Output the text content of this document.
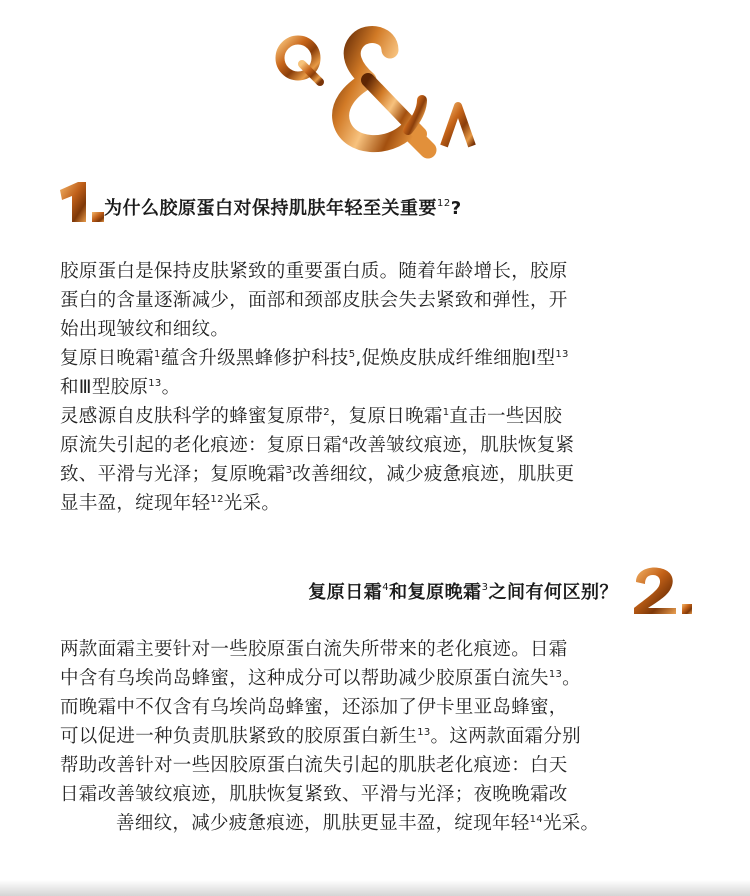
为什么胶原蛋白对保持肌肤年轻至关重要$^{12}$?
胶原蛋白是保持皮肤紧致的重要蛋白质。随着年龄增长，胶原
蛋白的含量逐渐减少，面部和颈部皮肤会失去紧致和弹性，开
始出现皱纹和细纹。
复原日晚霜$^1$蕴含升级黑蜂修护科技$^5$,促焕皮肤成纤维细胞Ⅰ型$^{13}$
和Ⅲ型胶原$^{13}$。
灵感源自皮肤科学的蜂蜜复原带$^2$，复原日晚霜$^1$直击一些因胶
原流失引起的老化痕迹：复原日霜$^4$改善皱纹痕迹，肌肤恢复紧
致、平滑与光泽；复原晚霜$^3$改善细纹，减少疲惫痕迹，肌肤更
显丰盈，绽现年轻$^{12}$光采。
复原日霜$^4$和复原晚霜$^3$之间有何区别？
两款面霜主要针对一些胶原蛋白流失所带来的老化痕迹。日霜
中含有乌埃尚岛蜂蜜，这种成分可以帮助减少胶原蛋白流失$^{13}$。
而晚霜中不仅含有乌埃尚岛蜂蜜，还添加了伊卡里亚岛蜂蜜，
可以促进一种负责肌肤紧致的胶原蛋白新生$^{13}$。这两款面霜分别
帮助改善针对一些因胶原蛋白流失引起的肌肤老化痕迹：白天
日霜改善皱纹痕迹，肌肤恢复紧致、平滑与光泽；夜晚晚霜改
善细纹，减少疲惫痕迹，肌肤更显丰盈，绽现年轻$^{14}$光采。
